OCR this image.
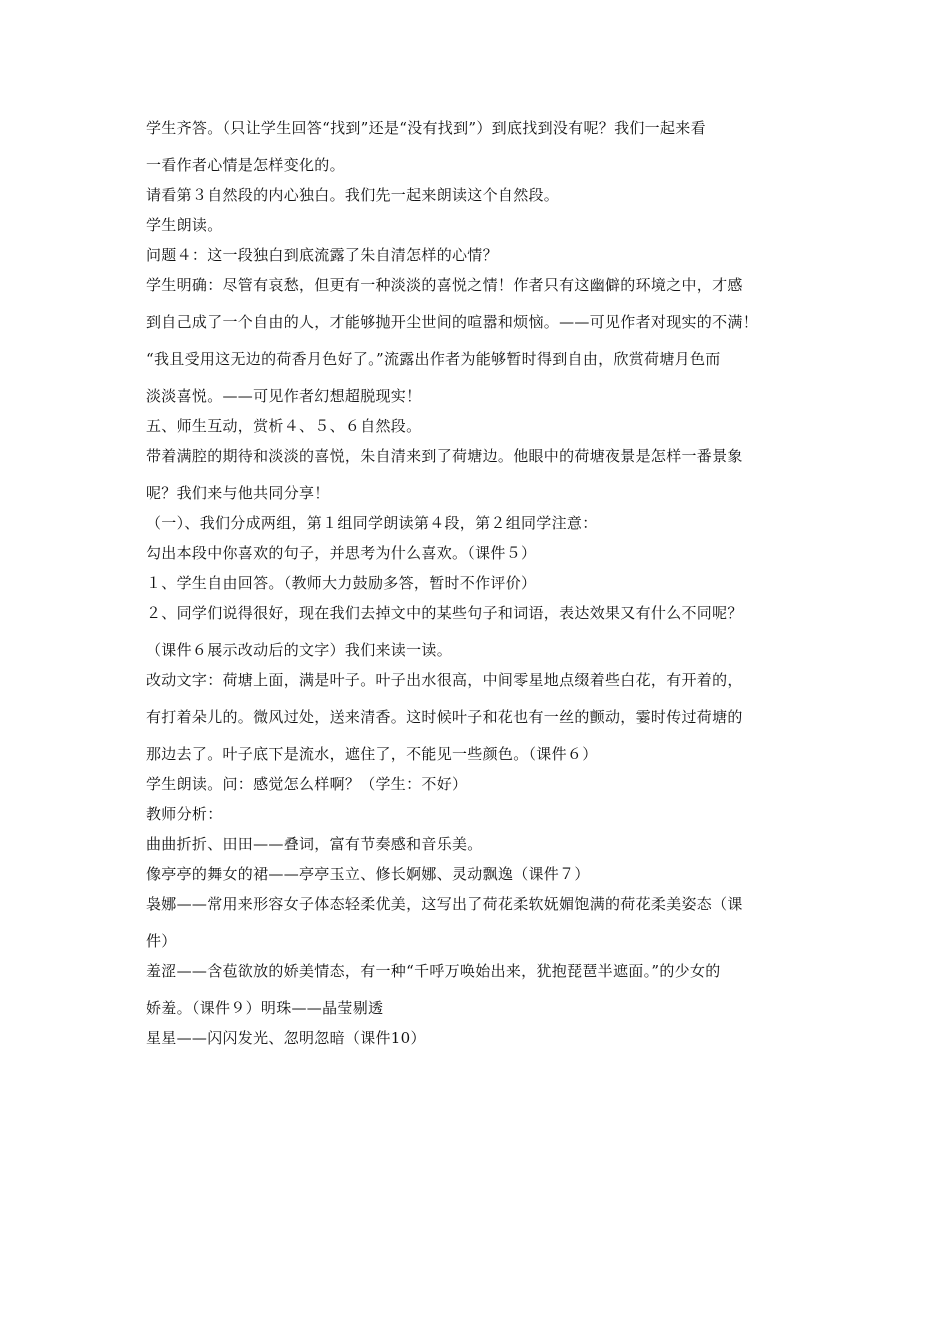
学生齐答。（只让学生回答“找到”还是“没有找到”）到底找到没有呢？我们一起来看
一看作者心情是怎样变化的。
请看第３自然段的内心独白。我们先一起来朗读这个自然段。
学生朗读。
问题４：这一段独白到底流露了朱自清怎样的心情？
学生明确：尽管有哀愁，但更有一种淡淡的喜悦之情！作者只有这幽僻的环境之中，才感
到自己成了一个自由的人，才能够抛开尘世间的喧嚣和烦恼。——可见作者对现实的不满！
“我且受用这无边的荷香月色好了。”流露出作者为能够暂时得到自由，欣赏荷塘月色而
淡淡喜悦。——可见作者幻想超脱现实！
五、师生互动，赏析４、５、６自然段。
带着满腔的期待和淡淡的喜悦，朱自清来到了荷塘边。他眼中的荷塘夜景是怎样一番景象
呢？我们来与他共同分享！
（一）、我们分成两组，第１组同学朗读第４段，第２组同学注意：
勾出本段中你喜欢的句子，并思考为什么喜欢。（课件５）
１、学生自由回答。（教师大力鼓励多答，暂时不作评价）
２、同学们说得很好，现在我们去掉文中的某些句子和词语，表达效果又有什么不同呢？
（课件６展示改动后的文字）我们来读一读。
改动文字：荷塘上面，满是叶子。叶子出水很高，中间零星地点缀着些白花，有开着的，
有打着朵儿的。微风过处，送来清香。这时候叶子和花也有一丝的颤动，霎时传过荷塘的
那边去了。叶子底下是流水，遮住了，不能见一些颜色。（课件６）
学生朗读。问：感觉怎么样啊？（学生：不好）
教师分析：
曲曲折折、田田——叠词，富有节奏感和音乐美。
像亭亭的舞女的裙——亭亭玉立、修长婀娜、灵动飘逸（课件７）
袅娜——常用来形容女子体态轻柔优美，这写出了荷花柔软妩媚饱满的荷花柔美姿态（课
件）
羞涩——含苞欲放的娇美情态，有一种“千呼万唤始出来，犹抱琵琶半遮面。”的少女的
娇羞。（课件９）明珠——晶莹剔透
星星——闪闪发光、忽明忽暗（课件10）
